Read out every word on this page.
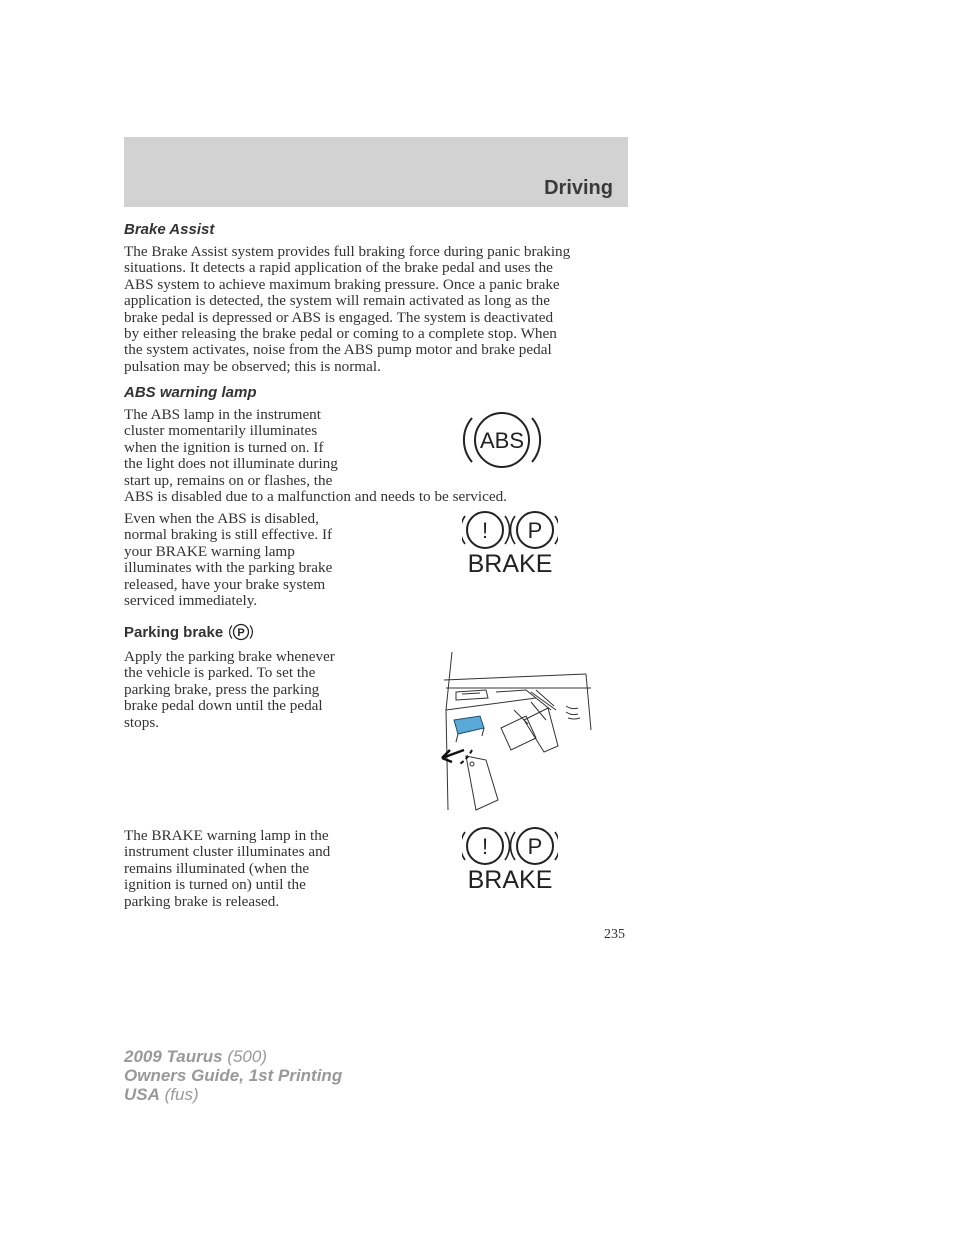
Driving
Brake Assist
The Brake Assist system provides full braking force during panic braking
situations. It detects a rapid application of the brake pedal and uses the
ABS system to achieve maximum braking pressure. Once a panic brake
application is detected, the system will remain activated as long as the
brake pedal is depressed or ABS is engaged. The system is deactivated
by either releasing the brake pedal or coming to a complete stop. When
the system activates, noise from the ABS pump motor and brake pedal
pulsation may be observed; this is normal.
ABS warning lamp
The ABS lamp in the instrument
cluster momentarily illuminates
when the ignition is turned on. If
the light does not illuminate during
start up, remains on or flashes, the
ABS is disabled due to a malfunction and needs to be serviced.
ABS
Even when the ABS is disabled,
normal braking is still effective. If
your BRAKE warning lamp
illuminates with the parking brake
released, have your brake system
serviced immediately.
! P
BRAKE
Parking brake P
Apply the parking brake whenever
the vehicle is parked. To set the
parking brake, press the parking
brake pedal down until the pedal
stops.
The BRAKE warning lamp in the
instrument cluster illuminates and
remains illuminated (when the
ignition is turned on) until the
parking brake is released.
! P
BRAKE
235
2009 Taurus (500)
Owners Guide, 1st Printing
USA (fus)
